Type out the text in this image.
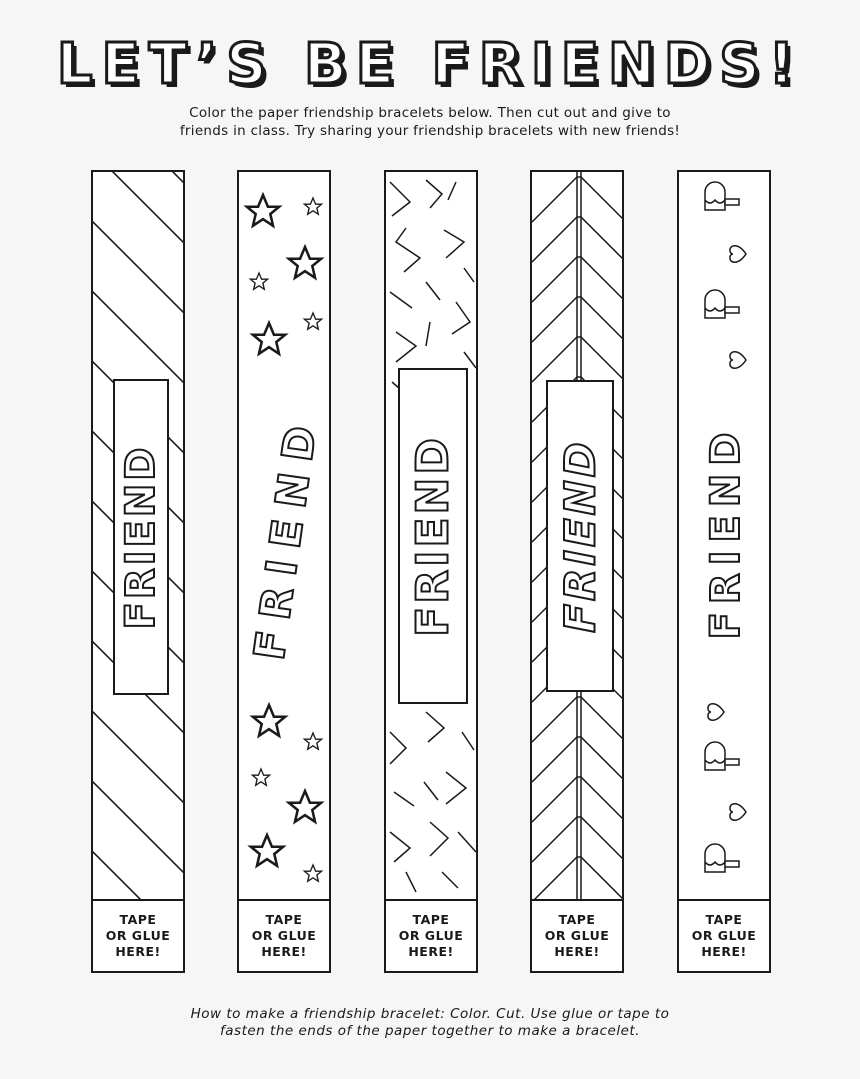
LET’S BE FRIENDS!
Color the paper friendship bracelets below. Then cut out and give to
friends in class. Try sharing your friendship bracelets with new friends!
FRIEND
TAPE
OR GLUE
HERE!
FRIEND
TAPE
OR GLUE
HERE!
FRIEND
TAPE
OR GLUE
HERE!
FRIEND
TAPE
OR GLUE
HERE!
FRIEND
TAPE
OR GLUE
HERE!
How to make a friendship bracelet: Color. Cut. Use glue or tape to
fasten the ends of the paper together to make a bracelet.
